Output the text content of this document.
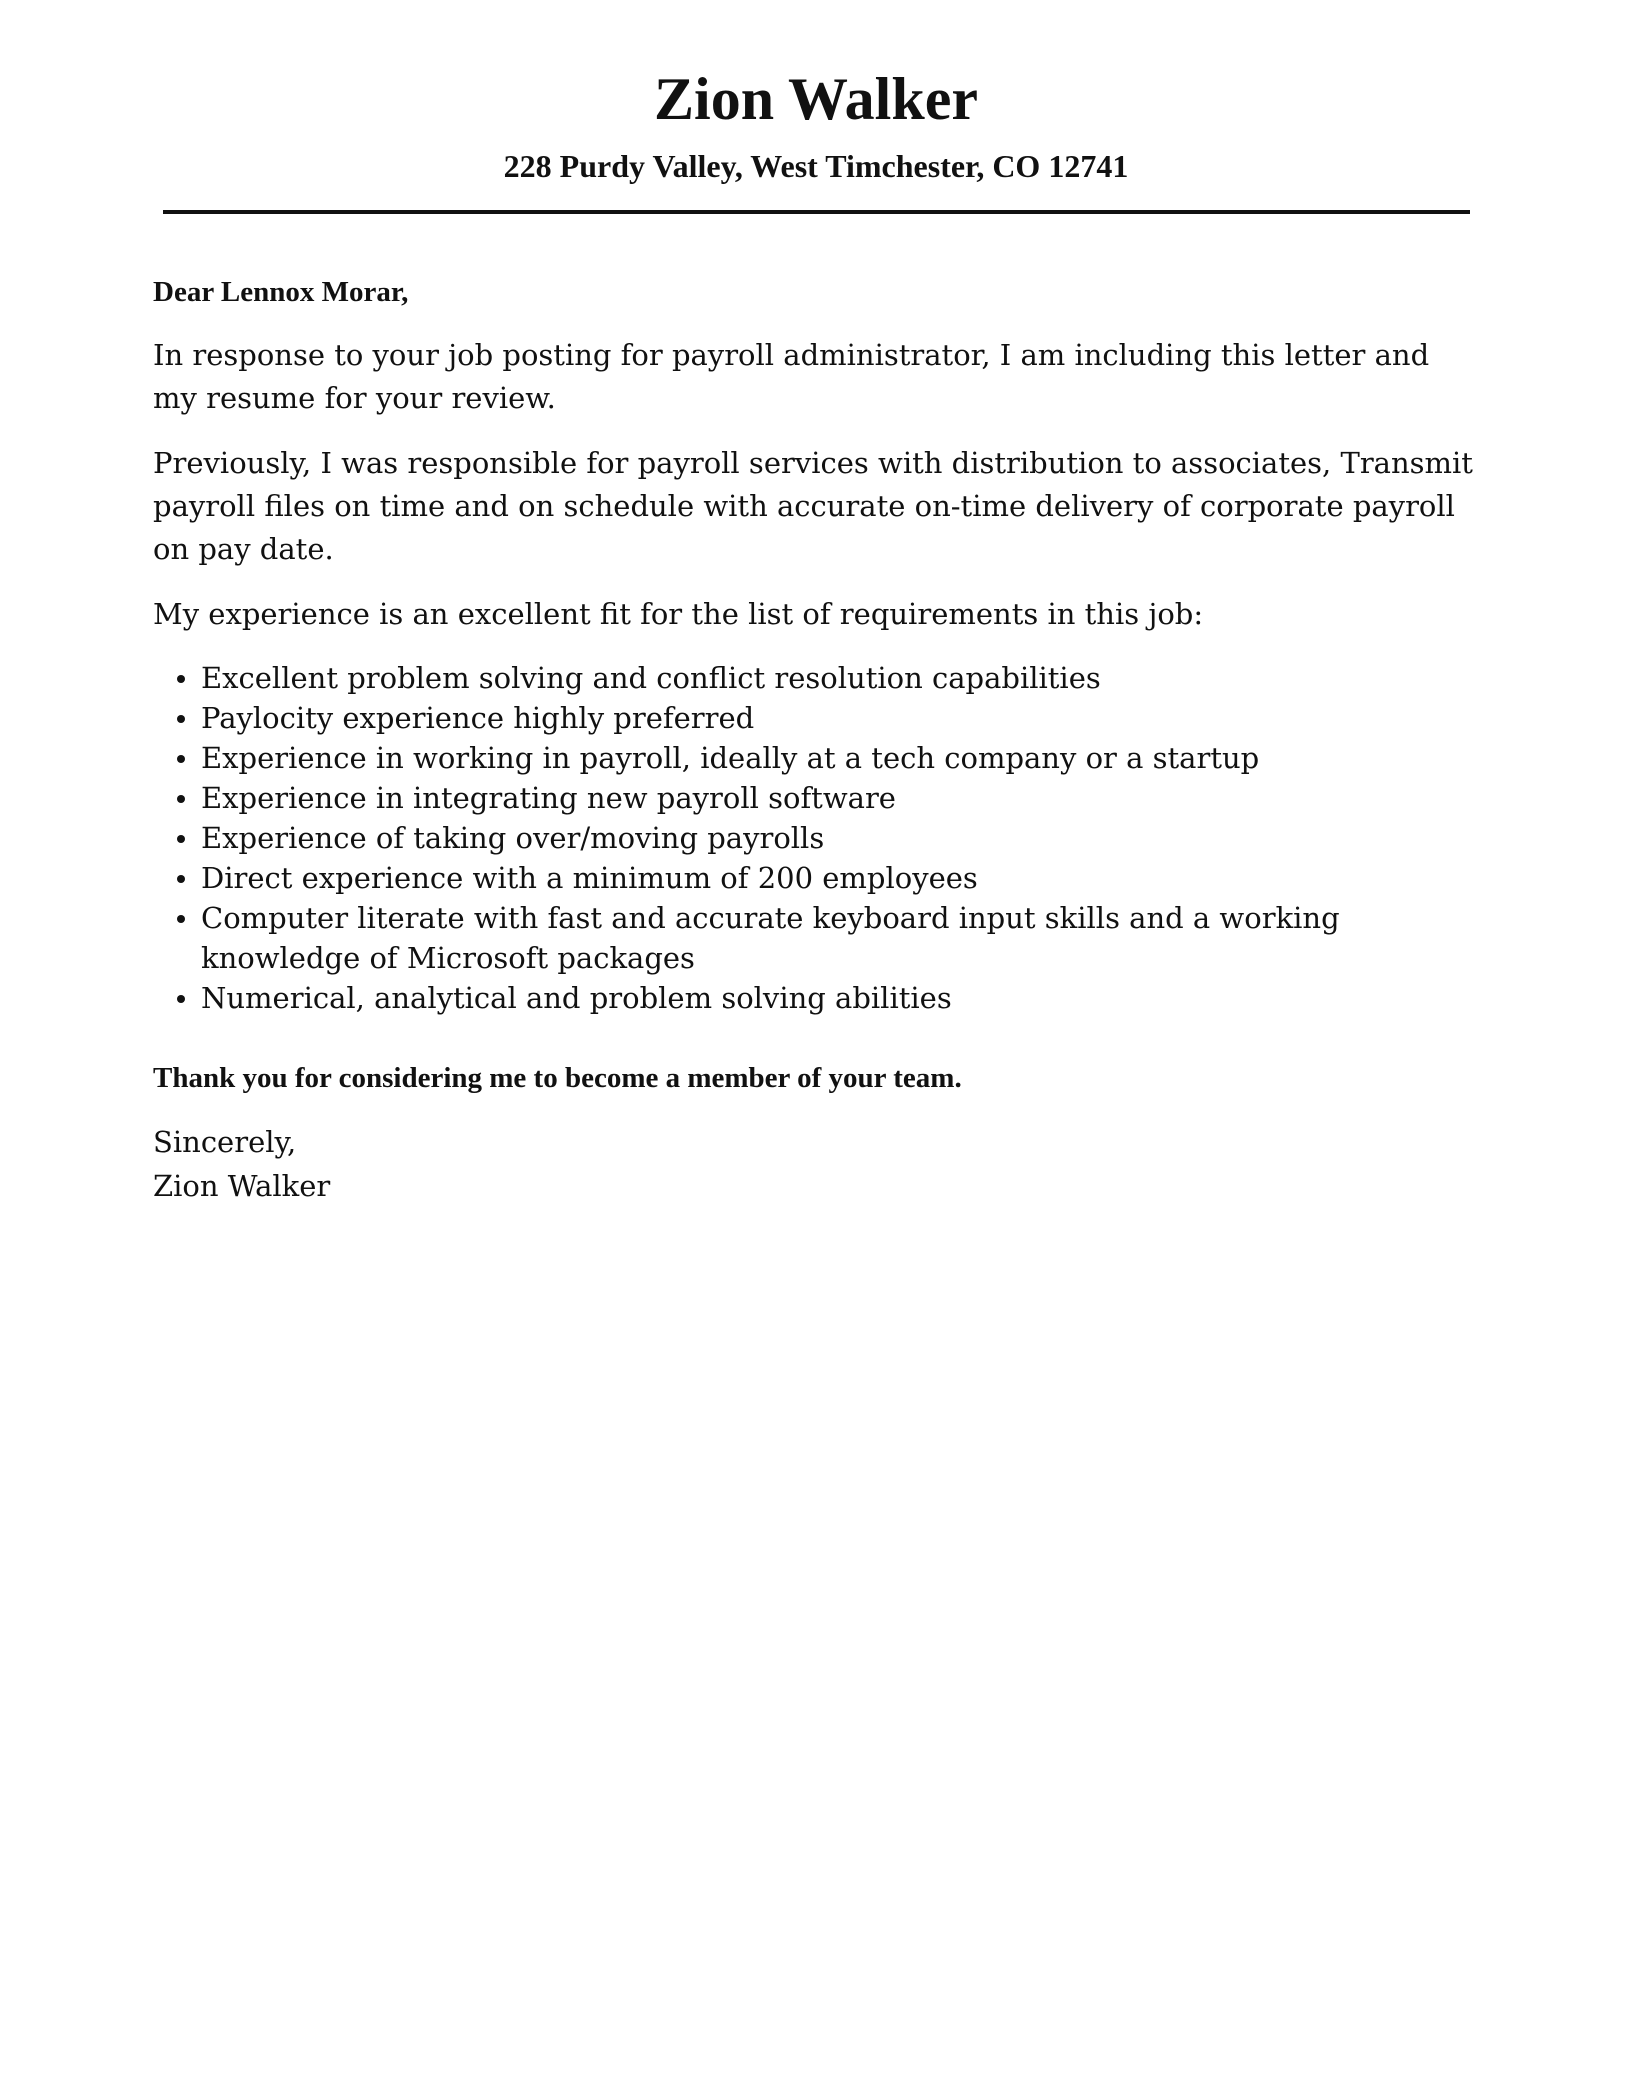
Zion Walker
228 Purdy Valley, West Timchester, CO 12741

Dear Lennox Morar,

In response to your job posting for payroll administrator, I am including this letter and my resume for your review.

Previously, I was responsible for payroll services with distribution to associates, Transmit payroll files on time and on schedule with accurate on-time delivery of corporate payroll on pay date.

My experience is an excellent fit for the list of requirements in this job:

Excellent problem solving and conflict resolution capabilities
Paylocity experience highly preferred
Experience in working in payroll, ideally at a tech company or a startup
Experience in integrating new payroll software
Experience of taking over/moving payrolls
Direct experience with a minimum of 200 employees
Computer literate with fast and accurate keyboard input skills and a working knowledge of Microsoft packages
Numerical, analytical and problem solving abilities

Thank you for considering me to become a member of your team.

Sincerely,
Zion Walker
